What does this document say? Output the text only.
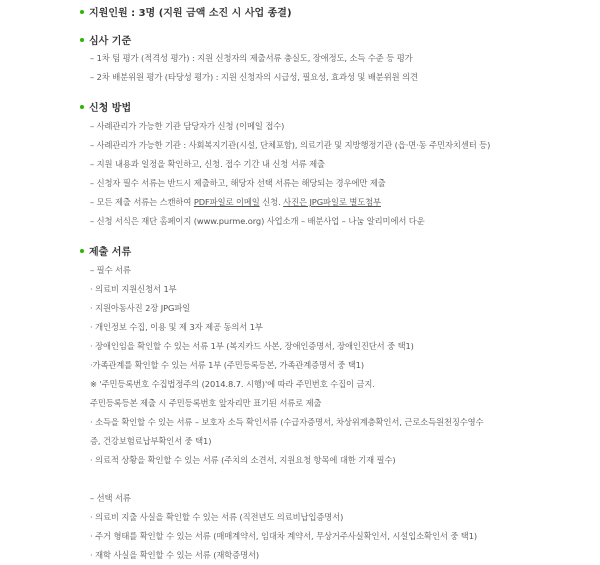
지원인원 : 3명 (지원 금액 소진 시 사업 종결)
심사 기준
– 1차 팀 평가 (적격성 평가) : 지원 신청자의 제출서류 충실도, 장애정도, 소득 수준 등 평가
– 2차 배분위원 평가 (타당성 평가) : 지원 신청자의 시급성, 필요성, 효과성 및 배분위원 의견
신청 방법
– 사례관리가 가능한 기관 담당자가 신청 (이메일 접수)
– 사례관리가 가능한 기관 : 사회복지기관(시설, 단체포함), 의료기관 및 지방행정기관 (읍·면·동 주민자치센터 등)
– 지원 내용과 일정을 확인하고, 신청. 접수 기간 내 신청 서류 제출
– 신청자 필수 서류는 반드시 제출하고, 해당자 선택 서류는 해당되는 경우에만 제출
– 모든 제출 서류는 스캔하여 PDF파일로 이메일 신청. 사진은 JPG파일로 별도첨부
– 신청 서식은 재단 홈페이지 (www.purme.org) 사업소개 – 배분사업 – 나눔 알리미에서 다운
제출 서류
– 필수 서류
· 의료비 지원신청서 1부
· 지원아동사진 2장 JPG파일
· 개인정보 수집, 이용 및 제 3자 제공 동의서 1부
· 장애인임을 확인할 수 있는 서류 1부 (복지카드 사본, 장애인증명서, 장애인진단서 중 택1)
·가족관계를 확인할 수 있는 서류 1부 (주민등록등본, 가족관계증명서 중 택1)
※ '주민등록번호 수집법정주의 (2014.8.7. 시행)'에 따라 주민번호 수집이 금지.
주민등록등본 제출 시 주민등록번호 앞자리만 표기된 서류로 제출
· 소득을 확인할 수 있는 서류 – 보호자 소득 확인서류 (수급자증명서, 차상위계층확인서, 근로소득원천징수영수
증, 건강보험료납부확인서 중 택1)
· 의료적 상황을 확인할 수 있는 서류 (주치의 소견서, 지원요청 항목에 대한 기재 필수)
– 선택 서류
· 의료비 지출 사실을 확인할 수 있는 서류 (직전년도 의료비납입증명서)
· 주거 형태를 확인할 수 있는 서류 (매매계약서, 임대차 계약서, 무상거주사실확인서, 시설입소확인서 중 택1)
· 재학 사실을 확인할 수 있는 서류 (재학증명서)
